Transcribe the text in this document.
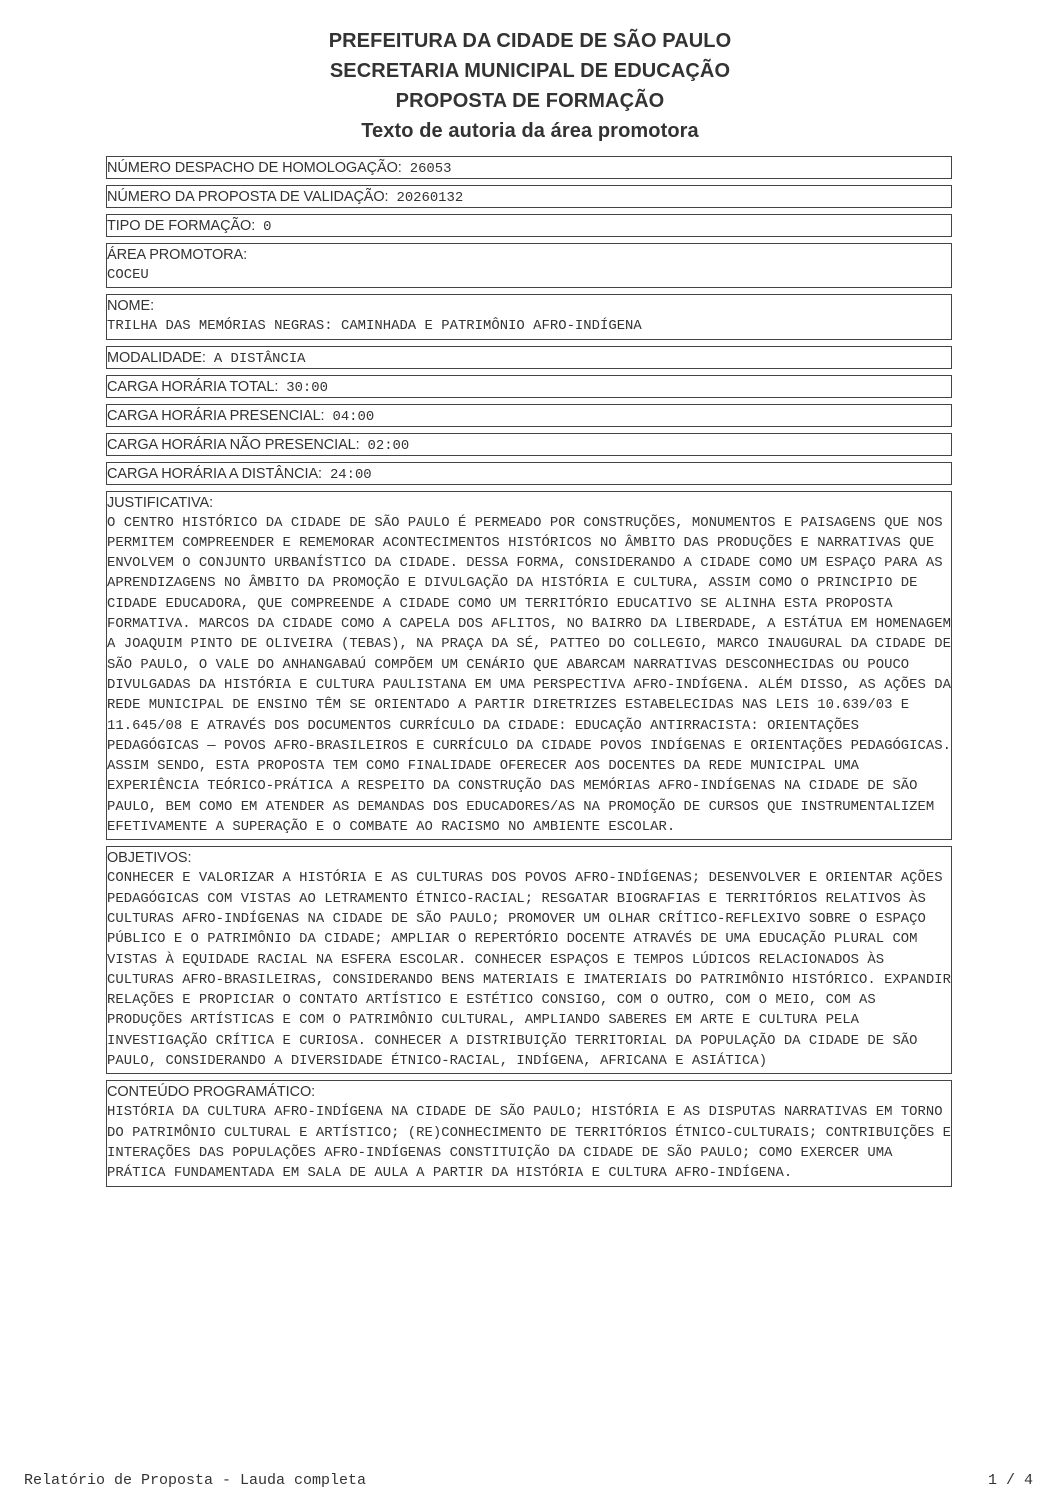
PREFEITURA DA CIDADE DE SÃO PAULO
SECRETARIA MUNICIPAL DE EDUCAÇÃO
PROPOSTA DE FORMAÇÃO
Texto de autoria da área promotora
NÚMERO DESPACHO DE HOMOLOGAÇÃO: 26053
NÚMERO DA PROPOSTA DE VALIDAÇÃO: 20260132
TIPO DE FORMAÇÃO: 0
ÁREA PROMOTORA:
COCEU
NOME:
TRILHA DAS MEMÓRIAS NEGRAS: CAMINHADA E PATRIMÔNIO AFRO-INDÍGENA
MODALIDADE: A DISTÂNCIA
CARGA HORÁRIA TOTAL: 30:00
CARGA HORÁRIA PRESENCIAL: 04:00
CARGA HORÁRIA NÃO PRESENCIAL: 02:00
CARGA HORÁRIA A DISTÂNCIA: 24:00
JUSTIFICATIVA:
O CENTRO HISTÓRICO DA CIDADE DE SÃO PAULO É PERMEADO POR CONSTRUÇÕES, MONUMENTOS E PAISAGENS QUE NOS PERMITEM COMPREENDER E REMEMORAR ACONTECIMENTOS HISTÓRICOS NO ÂMBITO DAS PRODUÇÕES E NARRATIVAS QUE ENVOLVEM O CONJUNTO URBANÍSTICO DA CIDADE. DESSA FORMA, CONSIDERANDO A CIDADE COMO UM ESPAÇO PARA AS APRENDIZAGENS NO ÂMBITO DA PROMOÇÃO E DIVULGAÇÃO DA HISTÓRIA E CULTURA, ASSIM COMO O PRINCIPIO DE CIDADE EDUCADORA, QUE COMPREENDE A CIDADE COMO UM TERRITÓRIO EDUCATIVO SE ALINHA ESTA PROPOSTA FORMATIVA. MARCOS DA CIDADE COMO A CAPELA DOS AFLITOS, NO BAIRRO DA LIBERDADE, A ESTÁTUA EM HOMENAGEM A JOAQUIM PINTO DE OLIVEIRA (TEBAS), NA PRAÇA DA SÉ, PATTEO DO COLLEGIO, MARCO INAUGURAL DA CIDADE DE SÃO PAULO, O VALE DO ANHANGABAÚ COMPÕEM UM CENÁRIO QUE ABARCAM NARRATIVAS DESCONHECIDAS OU POUCO DIVULGADAS DA HISTÓRIA E CULTURA PAULISTANA EM UMA PERSPECTIVA AFRO-INDÍGENA. ALÉM DISSO, AS AÇÕES DA REDE MUNICIPAL DE ENSINO TÊM SE ORIENTADO A PARTIR DIRETRIZES ESTABELECIDAS NAS LEIS 10.639/03 E 11.645/08 E ATRAVÉS DOS DOCUMENTOS CURRÍCULO DA CIDADE: EDUCAÇÃO ANTIRRACISTA: ORIENTAÇÕES PEDAGÓGICAS — POVOS AFRO-BRASILEIROS E CURRÍCULO DA CIDADE POVOS INDÍGENAS E ORIENTAÇÕES PEDAGÓGICAS. ASSIM SENDO, ESTA PROPOSTA TEM COMO FINALIDADE OFERECER AOS DOCENTES DA REDE MUNICIPAL UMA EXPERIÊNCIA TEÓRICO-PRÁTICA A RESPEITO DA CONSTRUÇÃO DAS MEMÓRIAS AFRO-INDÍGENAS NA CIDADE DE SÃO PAULO, BEM COMO EM ATENDER AS DEMANDAS DOS EDUCADORES/AS NA PROMOÇÃO DE CURSOS QUE INSTRUMENTALIZEM EFETIVAMENTE A SUPERAÇÃO E O COMBATE AO RACISMO NO AMBIENTE ESCOLAR.
OBJETIVOS:
CONHECER E VALORIZAR A HISTÓRIA E AS CULTURAS DOS POVOS AFRO-INDÍGENAS; DESENVOLVER E ORIENTAR AÇÕES PEDAGÓGICAS COM VISTAS AO LETRAMENTO ÉTNICO-RACIAL; RESGATAR BIOGRAFIAS E TERRITÓRIOS RELATIVOS ÀS CULTURAS AFRO-INDÍGENAS NA CIDADE DE SÃO PAULO; PROMOVER UM OLHAR CRÍTICO-REFLEXIVO SOBRE O ESPAÇO PÚBLICO E O PATRIMÔNIO DA CIDADE; AMPLIAR O REPERTÓRIO DOCENTE ATRAVÉS DE UMA EDUCAÇÃO PLURAL COM VISTAS À EQUIDADE RACIAL NA ESFERA ESCOLAR. CONHECER ESPAÇOS E TEMPOS LÚDICOS RELACIONADOS ÀS CULTURAS AFRO-BRASILEIRAS, CONSIDERANDO BENS MATERIAIS E IMATERIAIS DO PATRIMÔNIO HISTÓRICO. EXPANDIR RELAÇÕES E PROPICIAR O CONTATO ARTÍSTICO E ESTÉTICO CONSIGO, COM O OUTRO, COM O MEIO, COM AS PRODUÇÕES ARTÍSTICAS E COM O PATRIMÔNIO CULTURAL, AMPLIANDO SABERES EM ARTE E CULTURA PELA INVESTIGAÇÃO CRÍTICA E CURIOSA. CONHECER A DISTRIBUIÇÃO TERRITORIAL DA POPULAÇÃO DA CIDADE DE SÃO PAULO, CONSIDERANDO A DIVERSIDADE ÉTNICO-RACIAL, INDÍGENA, AFRICANA E ASIÁTICA)
CONTEÚDO PROGRAMÁTICO:
HISTÓRIA DA CULTURA AFRO-INDÍGENA NA CIDADE DE SÃO PAULO; HISTÓRIA E AS DISPUTAS NARRATIVAS EM TORNO DO PATRIMÔNIO CULTURAL E ARTÍSTICO; (RE)CONHECIMENTO DE TERRITÓRIOS ÉTNICO-CULTURAIS; CONTRIBUIÇÕES E INTERAÇÕES DAS POPULAÇÕES AFRO-INDÍGENAS CONSTITUIÇÃO DA CIDADE DE SÃO PAULO; COMO EXERCER UMA PRÁTICA FUNDAMENTADA EM SALA DE AULA A PARTIR DA HISTÓRIA E CULTURA AFRO-INDÍGENA.
Relatório de Proposta - Lauda completa	1 / 4
